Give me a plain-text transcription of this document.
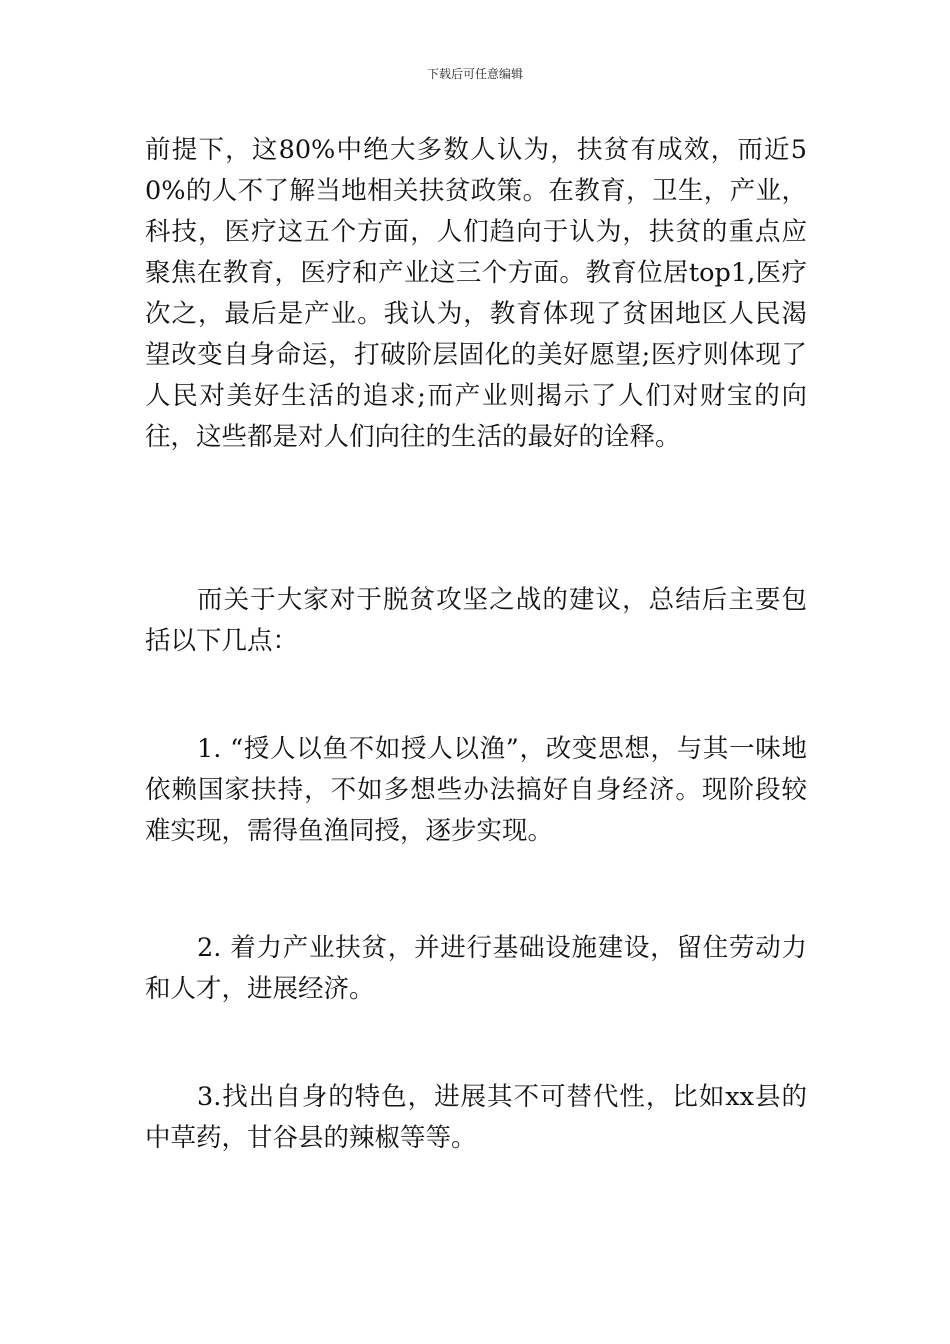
下载后可任意编辑

前提下，这80%中绝大多数人认为，扶贫有成效，而近50%的人不了解当地相关扶贫政策。在教育，卫生，产业，科技，医疗这五个方面，人们趋向于认为，扶贫的重点应聚焦在教育，医疗和产业这三个方面。教育位居top1,医疗次之，最后是产业。我认为，教育体现了贫困地区人民渴望改变自身命运，打破阶层固化的美好愿望;医疗则体现了人民对美好生活的追求;而产业则揭示了人们对财宝的向往，这些都是对人们向往的生活的最好的诠释。

而关于大家对于脱贫攻坚之战的建议，总结后主要包括以下几点：

1. “授人以鱼不如授人以渔”，改变思想，与其一味地依赖国家扶持，不如多想些办法搞好自身经济。现阶段较难实现，需得鱼渔同授，逐步实现。

2. 着力产业扶贫，并进行基础设施建设，留住劳动力和人才，进展经济。

3.找出自身的特色，进展其不可替代性，比如xx县的中草药，甘谷县的辣椒等等。
